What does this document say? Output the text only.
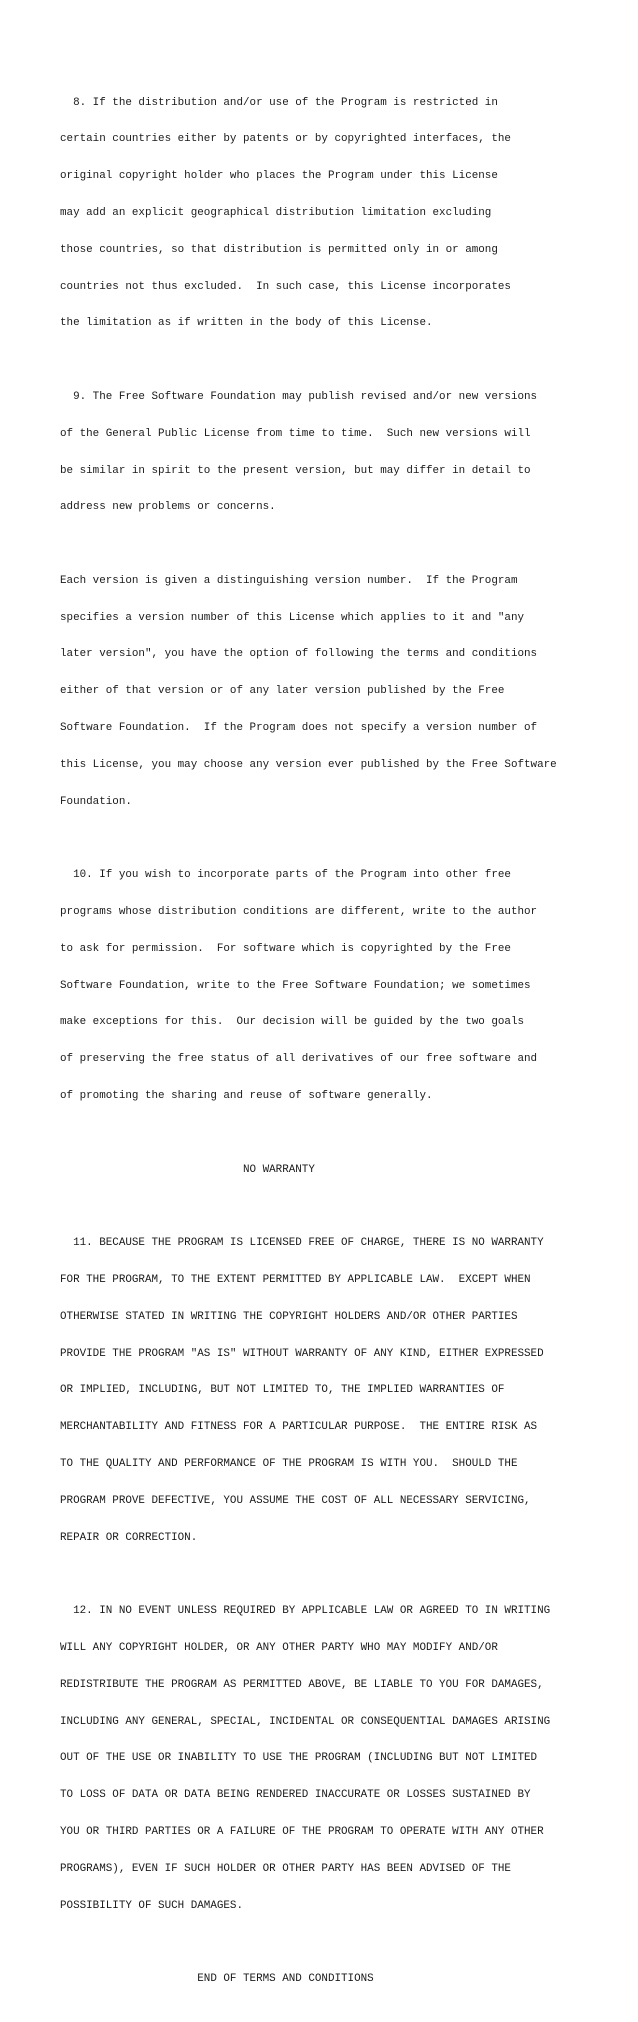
8. If the distribution and/or use of the Program is restricted in

certain countries either by patents or by copyrighted interfaces, the

original copyright holder who places the Program under this License

may add an explicit geographical distribution limitation excluding

those countries, so that distribution is permitted only in or among

countries not thus excluded.  In such case, this License incorporates

the limitation as if written in the body of this License.

9. The Free Software Foundation may publish revised and/or new versions

of the General Public License from time to time.  Such new versions will

be similar in spirit to the present version, but may differ in detail to

address new problems or concerns.

Each version is given a distinguishing version number.  If the Program

specifies a version number of this License which applies to it and "any

later version", you have the option of following the terms and conditions

either of that version or of any later version published by the Free

Software Foundation.  If the Program does not specify a version number of

this License, you may choose any version ever published by the Free Software

Foundation.

10. If you wish to incorporate parts of the Program into other free

programs whose distribution conditions are different, write to the author

to ask for permission.  For software which is copyrighted by the Free

Software Foundation, write to the Free Software Foundation; we sometimes

make exceptions for this.  Our decision will be guided by the two goals

of preserving the free status of all derivatives of our free software and

of promoting the sharing and reuse of software generally.

NO WARRANTY

11. BECAUSE THE PROGRAM IS LICENSED FREE OF CHARGE, THERE IS NO WARRANTY

FOR THE PROGRAM, TO THE EXTENT PERMITTED BY APPLICABLE LAW.  EXCEPT WHEN

OTHERWISE STATED IN WRITING THE COPYRIGHT HOLDERS AND/OR OTHER PARTIES

PROVIDE THE PROGRAM "AS IS" WITHOUT WARRANTY OF ANY KIND, EITHER EXPRESSED

OR IMPLIED, INCLUDING, BUT NOT LIMITED TO, THE IMPLIED WARRANTIES OF

MERCHANTABILITY AND FITNESS FOR A PARTICULAR PURPOSE.  THE ENTIRE RISK AS

TO THE QUALITY AND PERFORMANCE OF THE PROGRAM IS WITH YOU.  SHOULD THE

PROGRAM PROVE DEFECTIVE, YOU ASSUME THE COST OF ALL NECESSARY SERVICING,

REPAIR OR CORRECTION.

12. IN NO EVENT UNLESS REQUIRED BY APPLICABLE LAW OR AGREED TO IN WRITING

WILL ANY COPYRIGHT HOLDER, OR ANY OTHER PARTY WHO MAY MODIFY AND/OR

REDISTRIBUTE THE PROGRAM AS PERMITTED ABOVE, BE LIABLE TO YOU FOR DAMAGES,

INCLUDING ANY GENERAL, SPECIAL, INCIDENTAL OR CONSEQUENTIAL DAMAGES ARISING

OUT OF THE USE OR INABILITY TO USE THE PROGRAM (INCLUDING BUT NOT LIMITED

TO LOSS OF DATA OR DATA BEING RENDERED INACCURATE OR LOSSES SUSTAINED BY

YOU OR THIRD PARTIES OR A FAILURE OF THE PROGRAM TO OPERATE WITH ANY OTHER

PROGRAMS), EVEN IF SUCH HOLDER OR OTHER PARTY HAS BEEN ADVISED OF THE

POSSIBILITY OF SUCH DAMAGES.

END OF TERMS AND CONDITIONS
